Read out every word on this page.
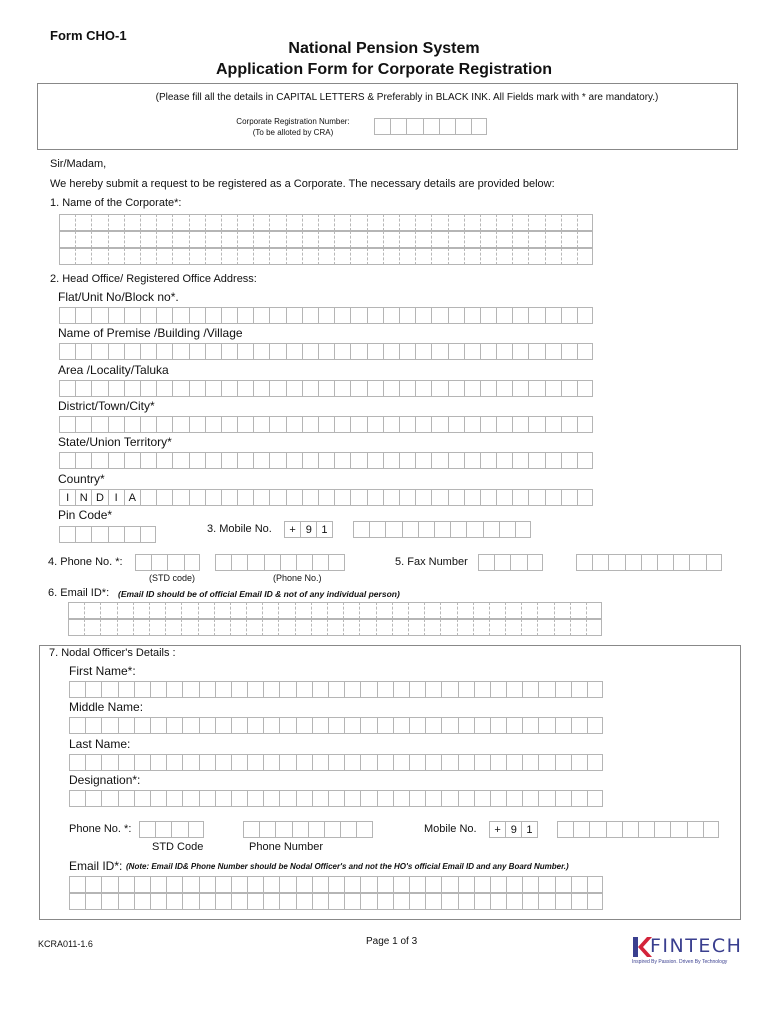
Form CHO-1
National Pension System
Application Form for Corporate Registration
(Please fill all the details in CAPITAL LETTERS & Preferably in BLACK INK. All Fields mark with * are mandatory.)
Corporate Registration Number:
(To be alloted by CRA)
Sir/Madam,
We hereby submit a request to be registered as a Corporate. The necessary details are provided below:
1. Name of the Corporate*:
2. Head Office/ Registered Office Address:
Flat/Unit No/Block no*.
Name of Premise /Building /Village
Area /Locality/Taluka
District/Town/City*
State/Union Territory*
Country*
I N D I A
Pin Code*
3. Mobile No.	+ 9 1
4. Phone No. *:
(STD code)	(Phone No.)
5. Fax Number
6. Email ID*: (Email ID should be of official Email ID & not of any individual person)
7. Nodal Officer's Details :
First Name*:
Middle Name:
Last Name:
Designation*:
Phone No. *:
STD Code	Phone Number
Mobile No.	+ 9 1
Email ID*: (Note: Email ID& Phone Number should be Nodal Officer's and not the HO's official Email ID and any Board Number.)
KCRA011-1.6	Page 1 of 3	FINTECH
Inspired By Passion. Driven By Technology
